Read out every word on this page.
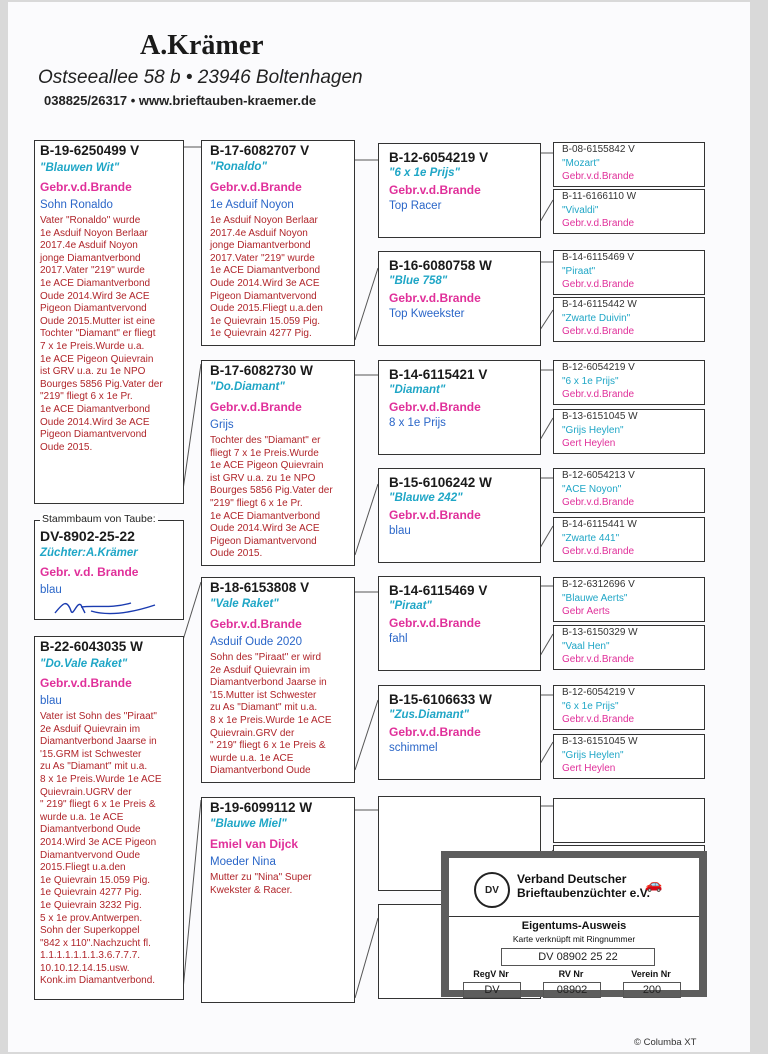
A.Krämer
Ostseeallee 58 b • 23946 Boltenhagen
038825/26317 • www.brieftauben-kraemer.de
B-19-6250499 V
"Blauwen Wit"
Gebr.v.d.Brande
Sohn Ronaldo
Vater "Ronaldo" wurde
1e Asduif Noyon Berlaar
2017.4e Asduif Noyon
jonge Diamantverbond
2017.Vater "219" wurde
1e ACE Diamantverbond
Oude 2014.Wird 3e ACE
Pigeon Diamantvervond
Oude 2015.Mutter ist eine
Tochter "Diamant" er fliegt
7 x 1e Preis.Wurde u.a.
1e ACE Pigeon Quievrain
ist GRV u.a. zu 1e NPO
Bourges 5856 Pig.Vater der
"219" fliegt 6 x 1e Pr.
1e ACE Diamantverbond
Oude 2014.Wird 3e ACE
Pigeon Diamantvervond
Oude 2015.
DV-8902-25-22
Züchter:A.Krämer
Gebr. v.d. Brande
blau
Stammbaum von Taube:
B-22-6043035 W
"Do.Vale Raket"
Gebr.v.d.Brande
blau
Vater ist Sohn des "Piraat"
2e Asduif Quievrain im
Diamantverbond Jaarse in
'15.GRM ist Schwester
zu As "Diamant" mit u.a.
8 x 1e Preis.Wurde 1e ACE
Quievrain.UGRV der
" 219" fliegt 6 x 1e Preis &
wurde u.a. 1e ACE
Diamantverbond Oude
2014.Wird 3e ACE Pigeon
Diamantvervond Oude
2015.Fliegt u.a.den
1e Quievrain 15.059 Pig.
1e Quievrain 4277 Pig.
1e Quievrain 3232 Pig.
5 x 1e prov.Antwerpen.
Sohn der Superkoppel
"842 x 110".Nachzucht fl.
1.1.1.1.1.1.1.3.6.7.7.7.
10.10.12.14.15.usw.
Konk.im Diamantverbond.
B-17-6082707 V
"Ronaldo"
Gebr.v.d.Brande
1e Asduif Noyon
1e Asduif Noyon Berlaar
2017.4e Asduif Noyon
jonge Diamantverbond
2017.Vater "219" wurde
1e ACE Diamantverbond
Oude 2014.Wird 3e ACE
Pigeon Diamantvervond
Oude 2015.Fliegt u.a.den
1e Quievrain 15.059 Pig.
1e Quievrain 4277 Pig.
B-17-6082730 W
"Do.Diamant"
Gebr.v.d.Brande
Grijs
Tochter des "Diamant" er
fliegt 7 x 1e Preis.Wurde
1e ACE Pigeon Quievrain
ist GRV u.a. zu 1e NPO
Bourges 5856 Pig.Vater der
"219" fliegt 6 x 1e Pr.
1e ACE Diamantverbond
Oude 2014.Wird 3e ACE
Pigeon Diamantvervond
Oude 2015.
B-18-6153808 V
"Vale Raket"
Gebr.v.d.Brande
Asduif Oude 2020
Sohn des "Piraat" er wird
2e Asduif Quievrain im
Diamantverbond Jaarse in
'15.Mutter ist Schwester
zu As "Diamant" mit u.a.
8 x 1e Preis.Wurde 1e ACE
Quievrain.GRV der
" 219" fliegt 6 x 1e Preis &
wurde u.a. 1e ACE
Diamantverbond Oude
B-19-6099112 W
"Blauwe Miel"
Emiel van Dijck
Moeder Nina
Mutter zu "Nina" Super
Kwekster & Racer.
B-12-6054219 V
"6 x 1e Prijs"
Gebr.v.d.Brande
Top Racer
B-16-6080758 W
"Blue 758"
Gebr.v.d.Brande
Top Kweekster
B-14-6115421 V
"Diamant"
Gebr.v.d.Brande
8 x 1e Prijs
B-15-6106242 W
"Blauwe 242"
Gebr.v.d.Brande
blau
B-14-6115469 V
"Piraat"
Gebr.v.d.Brande
fahl
B-15-6106633 W
"Zus.Diamant"
Gebr.v.d.Brande
schimmel
B-08-6155842 V
"Mozart"
Gebr.v.d.Brande
B-11-6166110 W
"Vivaldi"
Gebr.v.d.Brande
B-14-6115469 V
"Piraat"
Gebr.v.d.Brande
B-14-6115442 W
"Zwarte Duivin"
Gebr.v.d.Brande
B-12-6054219 V
"6 x 1e Prijs"
Gebr.v.d.Brande
B-13-6151045 W
"Grijs Heylen"
Gert Heylen
B-12-6054213 V
"ACE Noyon"
Gebr.v.d.Brande
B-14-6115441 W
"Zwarte 441"
Gebr.v.d.Brande
B-12-6312696 V
"Blauwe Aerts"
Gebr Aerts
B-13-6150329 W
"Vaal Hen"
Gebr.v.d.Brande
B-12-6054219 V
"6 x 1e Prijs"
Gebr.v.d.Brande
B-13-6151045 W
"Grijs Heylen"
Gert Heylen
DV
Verband Deutscher
Brieftaubenzüchter e.V.
🚗
Eigentums-Ausweis
Karte verknüpft mit Ringnummer
DV 08902 25 22
RegV Nr	RV Nr	Verein Nr
DV	08902	200
© Columba XT
